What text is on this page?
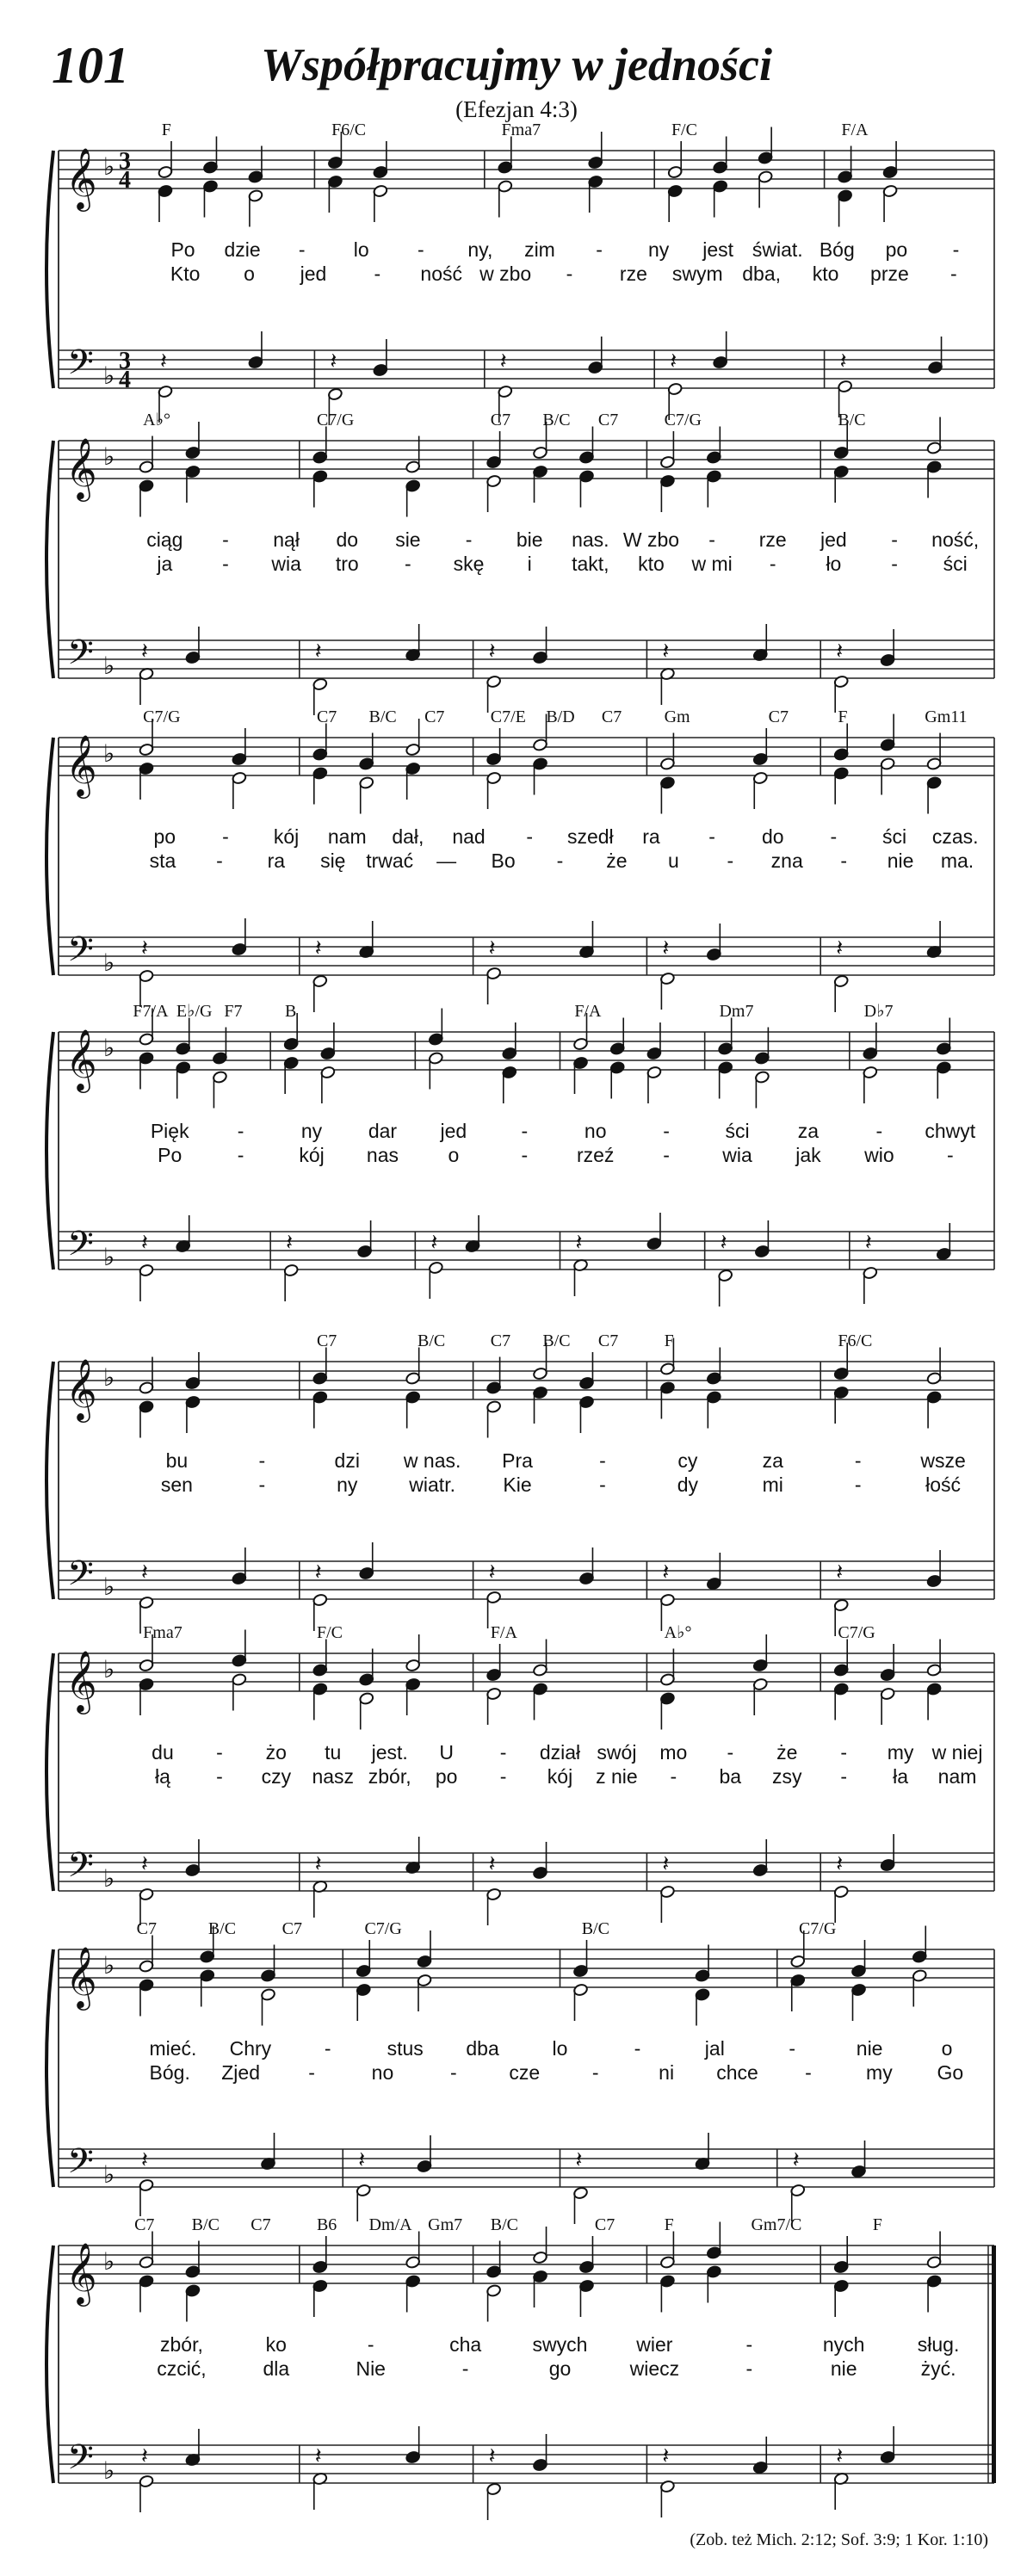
101	Współpracujmy w jedności
(Efezjan 4:3)
𝄞
𝄢
♭
♭
3
3
4
4
𝄽	𝄽	𝄽	𝄽	𝄽
F	F6/C	Fma7	F/C	F/A
Po dzie - lo - ny, zim - ny jest świat. Bóg po -
Kto o jed - ność w zbo - rze swym dba, kto prze -
𝄞
𝄢
♭
♭
𝄽	𝄽	𝄽	𝄽	𝄽
A♭°	C7/G	C7 B/C C7	C7/G	B/C
ciąg - nął do sie - bie nas. W zbo - rze jed - ność,
ja	- wia tro - skę i takt, kto w mi -	ło	- ści
𝄞
𝄢
♭
♭
𝄽	𝄽	𝄽	𝄽	𝄽
C7/G	C7 B/C C7	C7/E B/D C7 Gm	C7	F	Gm11
po - kój nam dał, nad - szedł ra - do - ści czas.
sta - ra się trwać — Bo - że u - zna - nie ma.
𝄞
𝄢
♭
♭
𝄽	𝄽	𝄽	𝄽	𝄽	𝄽
F7/A E♭/G F7 B	F/A	Dm7	D♭7
Pięk -	ny dar jed	-	no	-	ści za	- chwyt
Po	-	kój nas o	- rzeź -	wia jak wio	-
𝄞
𝄢
♭
♭
𝄽	𝄽	𝄽	𝄽	𝄽
C7	B/C	C7 B/C C7	F	F6/C
bu	-	dzi w nas. Pra	-	cy	za	-	wsze
sen	-	ny	wiatr. Kie	-	dy	mi	-	łość
𝄞
𝄢
♭
♭
𝄽	𝄽	𝄽	𝄽	𝄽
Fma7	F/C	F/A	A♭°	C7/G
du - żo tu jest. U - dział swój mo - że - my w niej
łą - czy nasz zbór, po - kój z nie - ba zsy - ła nam
𝄞
𝄢
♭
♭
𝄽	𝄽	𝄽	𝄽
C7	B/C	C7	C7/G	B/C	C7/G
mieć. Chry	-	stus dba	lo	-	jal	-	nie	o
Bóg. Zjed -	no	-	cze	-	ni chce -	my Go
𝄞
𝄢
♭
♭
𝄽	𝄽	𝄽	𝄽	𝄽
C7 B/C C7	B6 Dm/A Gm7 B/C	C7	F	Gm7/C	F
zbór,	ko	-	cha	swych wier	-	nych	sług.
czcić,	dla	Nie	-	go	wiecz	-	nie	żyć.
(Zob. też Mich. 2:12; Sof. 3:9; 1 Kor. 1:10)
